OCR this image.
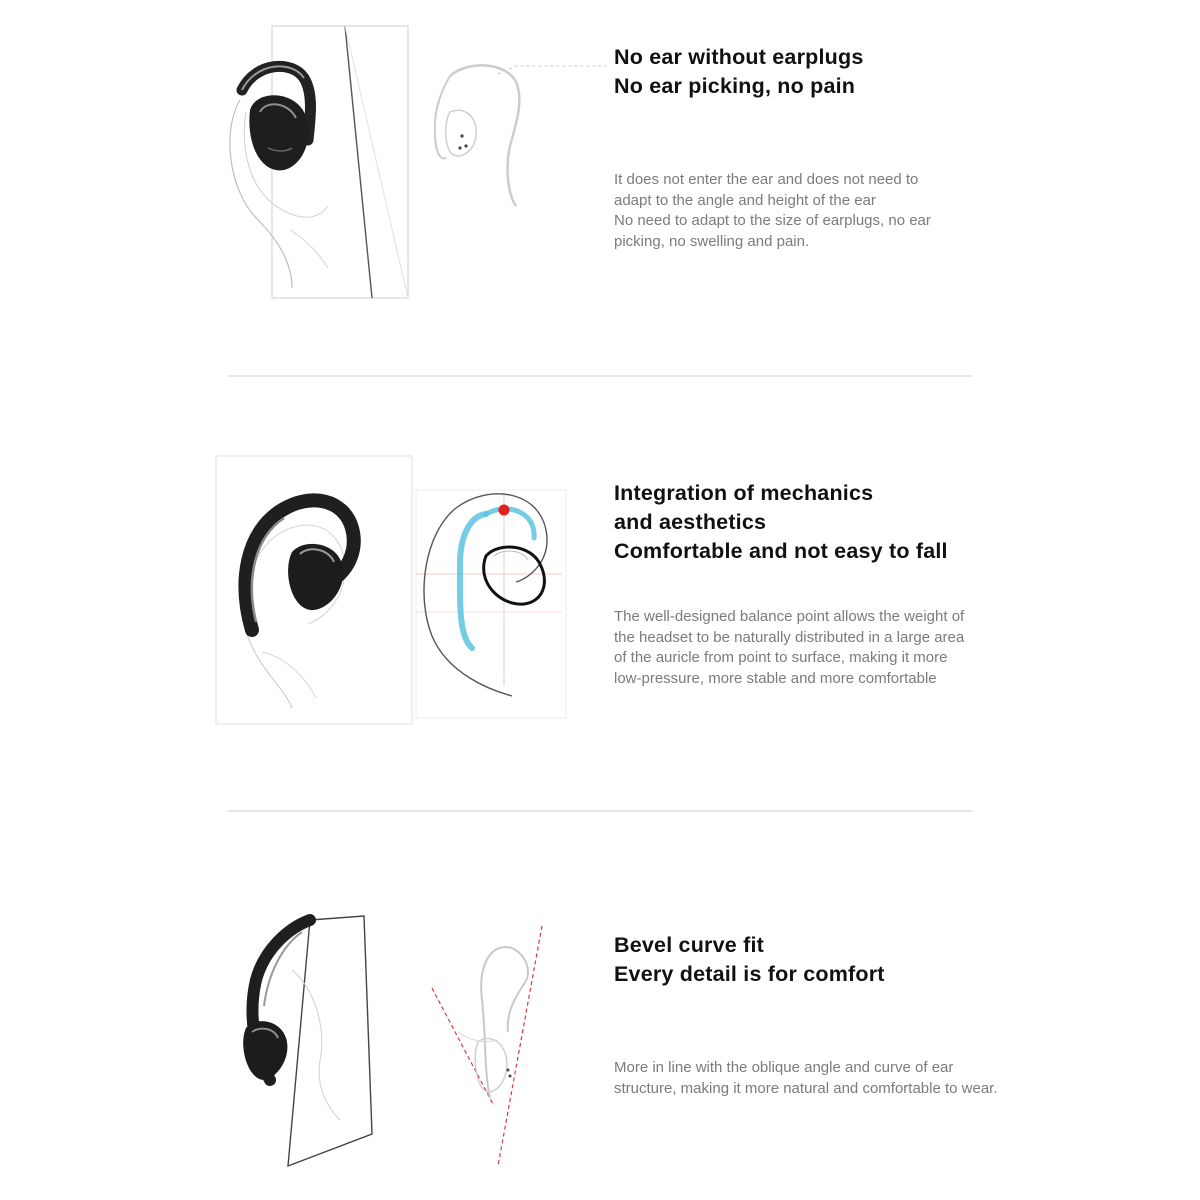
No ear without earplugs
No ear picking, no pain
It does not enter the ear and does not need to
adapt to the angle and height of the ear
No need to adapt to the size of earplugs, no ear
picking, no swelling and pain.
Integration of mechanics
and aesthetics
Comfortable and not easy to fall
The well-designed balance point allows the weight of
the headset to be naturally distributed in a large area
of the auricle from point to surface, making it more
low-pressure, more stable and more comfortable
Bevel curve fit
Every detail is for comfort
More in line with the oblique angle and curve of ear
structure, making it more natural and comfortable to wear.
